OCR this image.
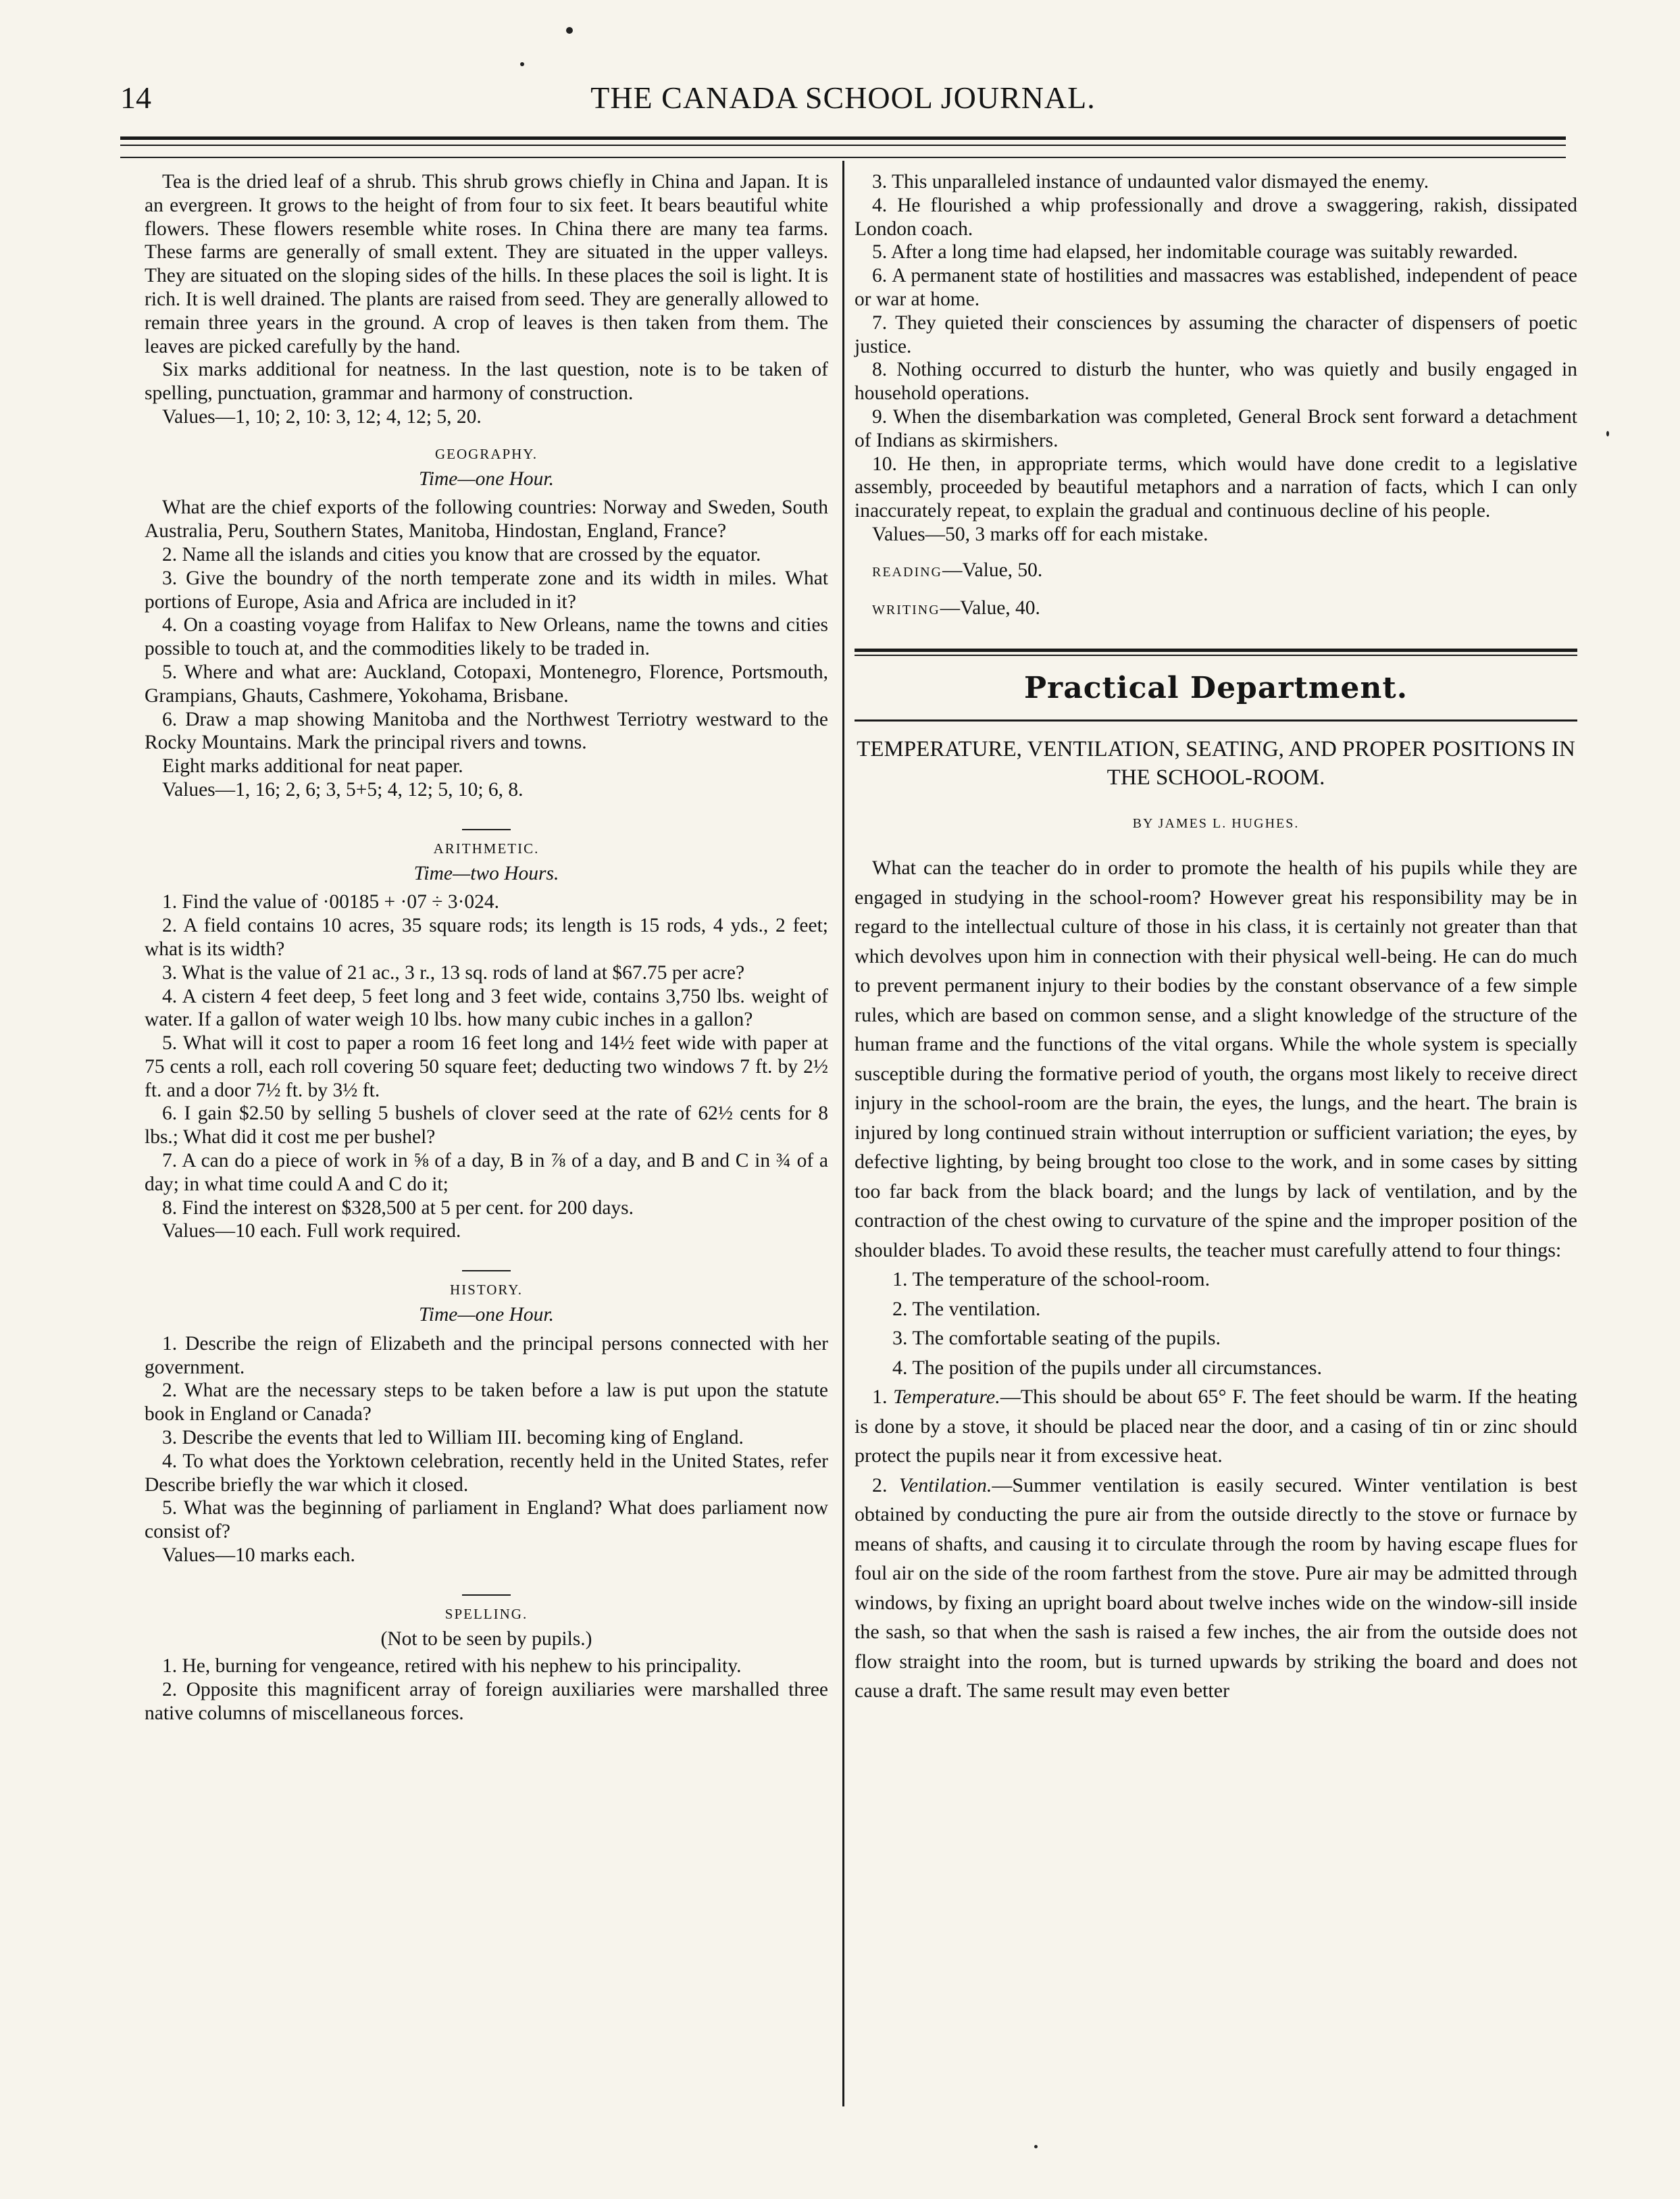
14	THE CANADA SCHOOL JOURNAL.

Tea is the dried leaf of a shrub. This shrub grows chiefly in China and Japan. It is an evergreen. It grows to the height of from four to six feet. It bears beautiful white flowers. These flowers resemble white roses. In China there are many tea farms. These farms are generally of small extent. They are situated in the upper valleys. They are situated on the sloping sides of the hills. In these places the soil is light. It is rich. It is well drained. The plants are raised from seed. They are generally allowed to remain three years in the ground. A crop of leaves is then taken from them. The leaves are picked carefully by the hand.

Six marks additional for neatness. In the last question, note is to be taken of spelling, punctuation, grammar and harmony of construction.

Values—1, 10; 2, 10: 3, 12; 4, 12; 5, 20.

GEOGRAPHY.
Time—one Hour.

What are the chief exports of the following countries: Norway and Sweden, South Australia, Peru, Southern States, Manitoba, Hindostan, England, France?

2. Name all the islands and cities you know that are crossed by the equator.

3. Give the boundry of the north temperate zone and its width in miles. What portions of Europe, Asia and Africa are included in it?

4. On a coasting voyage from Halifax to New Orleans, name the towns and cities possible to touch at, and the commodities likely to be traded in.

5. Where and what are: Auckland, Cotopaxi, Montenegro, Florence, Portsmouth, Grampians, Ghauts, Cashmere, Yokohama, Brisbane.

6. Draw a map showing Manitoba and the Northwest Terriotry westward to the Rocky Mountains. Mark the principal rivers and towns.

Eight marks additional for neat paper.

Values—1, 16; 2, 6; 3, 5+5; 4, 12; 5, 10; 6, 8.

ARITHMETIC.
Time—two Hours.

1. Find the value of ·00185 + ·07 ÷ 3·024.

2. A field contains 10 acres, 35 square rods; its length is 15 rods, 4 yds., 2 feet; what is its width?

3. What is the value of 21 ac., 3 r., 13 sq. rods of land at $67.75 per acre?

4. A cistern 4 feet deep, 5 feet long and 3 feet wide, contains 3,750 lbs. weight of water. If a gallon of water weigh 10 lbs. how many cubic inches in a gallon?

5. What will it cost to paper a room 16 feet long and 14½ feet wide with paper at 75 cents a roll, each roll covering 50 square feet; deducting two windows 7 ft. by 2½ ft. and a door 7½ ft. by 3½ ft.

6. I gain $2.50 by selling 5 bushels of clover seed at the rate of 62½ cents for 8 lbs.; What did it cost me per bushel?

7. A can do a piece of work in ⅝ of a day, B in ⅞ of a day, and B and C in ¾ of a day; in what time could A and C do it;

8. Find the interest on $328,500 at 5 per cent. for 200 days.

Values—10 each. Full work required.

HISTORY.
Time—one Hour.

1. Describe the reign of Elizabeth and the principal persons connected with her government.

2. What are the necessary steps to be taken before a law is put upon the statute book in England or Canada?

3. Describe the events that led to William III. becoming king of England.

4. To what does the Yorktown celebration, recently held in the United States, refer Describe briefly the war which it closed.

5. What was the beginning of parliament in England? What does parliament now consist of?

Values—10 marks each.

SPELLING.
(Not to be seen by pupils.)

1. He, burning for vengeance, retired with his nephew to his principality.

2. Opposite this magnificent array of foreign auxiliaries were marshalled three native columns of miscellaneous forces.

3. This unparalleled instance of undaunted valor dismayed the enemy.

4. He flourished a whip professionally and drove a swaggering, rakish, dissipated London coach.

5. After a long time had elapsed, her indomitable courage was suitably rewarded.

6. A permanent state of hostilities and massacres was established, independent of peace or war at home.

7. They quieted their consciences by assuming the character of dispensers of poetic justice.

8. Nothing occurred to disturb the hunter, who was quietly and busily engaged in household operations.

9. When the disembarkation was completed, General Brock sent forward a detachment of Indians as skirmishers.

10. He then, in appropriate terms, which would have done credit to a legislative assembly, proceeded by beautiful metaphors and a narration of facts, which I can only inaccurately repeat, to explain the gradual and continuous decline of his people.

Values—50, 3 marks off for each mistake.

READING—Value, 50.

WRITING—Value, 40.

Practical Department.
TEMPERATURE, VENTILATION, SEATING, AND PROPER POSITIONS IN THE SCHOOL-ROOM.
BY JAMES L. HUGHES.

What can the teacher do in order to promote the health of his pupils while they are engaged in studying in the school-room? However great his responsibility may be in regard to the intellectual culture of those in his class, it is certainly not greater than that which devolves upon him in connection with their physical well-being. He can do much to prevent permanent injury to their bodies by the constant observance of a few simple rules, which are based on common sense, and a slight knowledge of the structure of the human frame and the functions of the vital organs. While the whole system is specially susceptible during the formative period of youth, the organs most likely to receive direct injury in the school-room are the brain, the eyes, the lungs, and the heart. The brain is injured by long continued strain without interruption or sufficient variation; the eyes, by defective lighting, by being brought too close to the work, and in some cases by sitting too far back from the black board; and the lungs by lack of ventilation, and by the contraction of the chest owing to curvature of the spine and the improper position of the shoulder blades. To avoid these results, the teacher must carefully attend to four things:

1. The temperature of the school-room.

2. The ventilation.

3. The comfortable seating of the pupils.

4. The position of the pupils under all circumstances.

1. Temperature.—This should be about 65° F. The feet should be warm. If the heating is done by a stove, it should be placed near the door, and a casing of tin or zinc should protect the pupils near it from excessive heat.

2. Ventilation.—Summer ventilation is easily secured. Winter ventilation is best obtained by conducting the pure air from the outside directly to the stove or furnace by means of shafts, and causing it to circulate through the room by having escape flues for foul air on the side of the room farthest from the stove. Pure air may be admitted through windows, by fixing an upright board about twelve inches wide on the window-sill inside the sash, so that when the sash is raised a few inches, the air from the outside does not flow straight into the room, but is turned upwards by striking the board and does not cause a draft. The same result may even better
